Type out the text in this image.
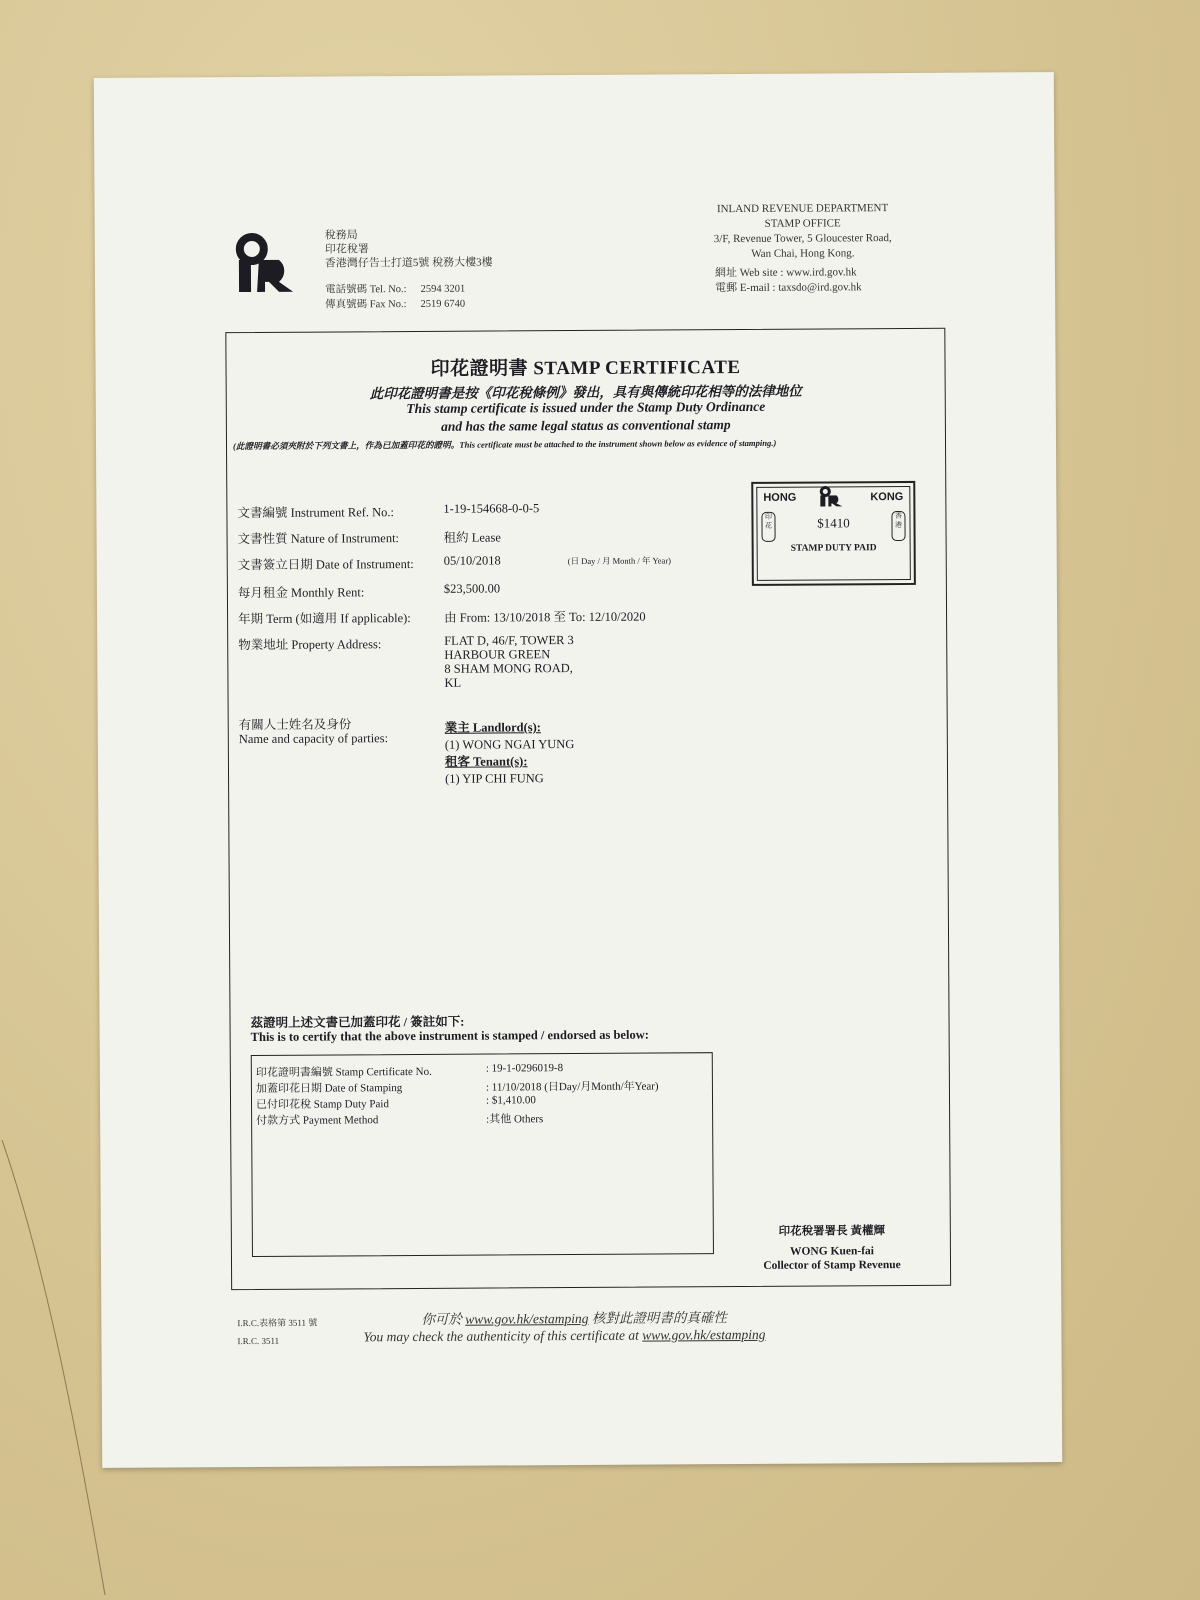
稅務局
印花稅署
香港灣仔告士打道5號 稅務大樓3樓
電話號碼 Tel. No.: 2594 3201
傳真號碼 Fax No.: 2519 6740
INLAND REVENUE DEPARTMENT
STAMP OFFICE
3/F, Revenue Tower, 5 Gloucester Road,
Wan Chai, Hong Kong.
網址 Web site : www.ird.gov.hk
電郵 E-mail : taxsdo@ird.gov.hk
印花證明書 STAMP CERTIFICATE
此印花證明書是按《印花稅條例》發出，具有與傳統印花相等的法律地位
This stamp certificate is issued under the Stamp Duty Ordinance
and has the same legal status as conventional stamp
(此證明書必須夾附於下列文書上，作為已加蓋印花的證明。This certificate must be attached to the instrument shown below as evidence of stamping.)
文書編號 Instrument Ref. No.:	1-19-154668-0-0-5
文書性質 Nature of Instrument:	租約 Lease
文書簽立日期 Date of Instrument:	05/10/2018	(日 Day / 月 Month / 年 Year)
每月租金 Monthly Rent:	$23,500.00
年期 Term (如適用 If applicable):	由 From: 13/10/2018 至 To: 12/10/2020
物業地址 Property Address:	FLAT D, 46/F, TOWER 3
HARBOUR GREEN
8 SHAM MONG ROAD,
KL
有關人士姓名及身份
Name and capacity of parties:
業主 Landlord(s):
(1) WONG NGAI YUNG
租客 Tenant(s):
(1) YIP CHI FUNG
HONG	KONG
印花
香港
$1410
STAMP DUTY PAID
茲證明上述文書已加蓋印花 / 簽註如下:
This is to certify that the above instrument is stamped / endorsed as below:
印花證明書編號 Stamp Certificate No.	: 19-1-0296019-8
加蓋印花日期 Date of Stamping	: 11/10/2018 (日Day/月Month/年Year)
已付印花稅 Stamp Duty Paid	: $1,410.00
付款方式 Payment Method	:其他 Others
印花稅署署長 黃權輝
WONG Kuen-fai
Collector of Stamp Revenue
I.R.C.表格第 3511 號
I.R.C. 3511
你可於 www.gov.hk/estamping 核對此證明書的真確性
You may check the authenticity of this certificate at www.gov.hk/estamping
